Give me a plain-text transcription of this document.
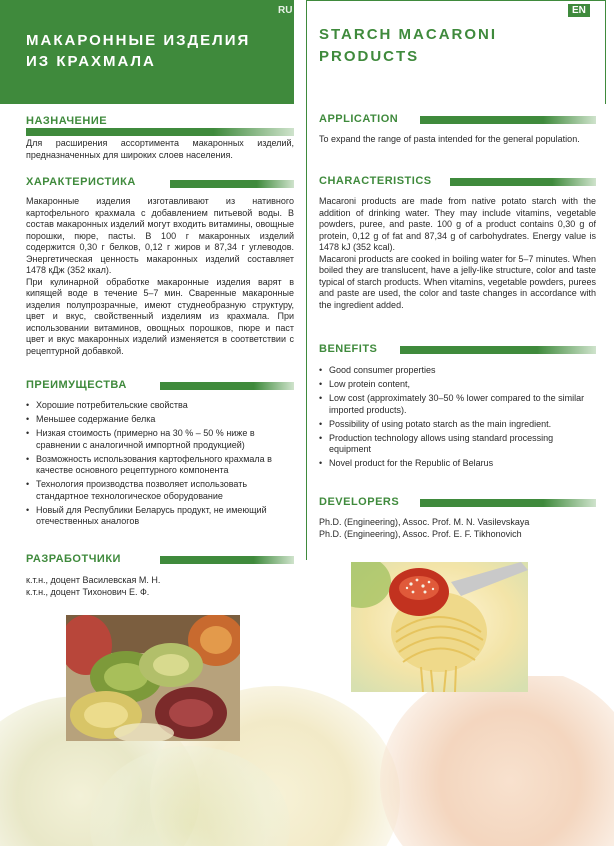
МАКАРОННЫЕ ИЗДЕЛИЯ
ИЗ КРАХМАЛА
RU
STARCH MACARONI
PRODUCTS
EN
НАЗНАЧЕНИЕ
Для расширения ассортимента макаронных изделий, предназначенных для широких слоев населения.
ХАРАКТЕРИСТИКА

Макаронные изделия изготавливают из нативного картофельного крахмала с добавлением питьевой воды. В состав макаронных изделий могут входить витамины, овощные порошки, пюре, пасты. В 100 г макаронных изделий содержится 0,30 г белков, 0,12 г жиров и 87,34 г углеводов. Энергетическая ценность макаронных изделий составляет 1478 кДж (352 ккал).

При кулинарной обработке макаронные изделия варят в кипящей воде в течение 5–7 мин. Сваренные макаронные изделия полупрозрачные, имеют студнеобразную структуру, цвет и вкус, свойственный изделиям из крахмала. При использовании витаминов, овощных порошков, пюре и паст цвет и вкус макаронных изделий изменяется в соответствии с рецептурной добавкой.

ПРЕИМУЩЕСТВА
• Хорошие потребительские свойства
• Меньшее содержание белка
• Низкая стоимость (примерно на 30 % – 50 % ниже в сравнении с аналогичной импортной продукцией)
• Возможность использования картофельного крахмала в качестве основного рецептурного компонента
• Технология производства позволяет использовать стандартное технологическое оборудование
• Новый для Республики Беларусь продукт, не имеющий отечественных аналогов
РАЗРАБОТЧИКИ

к.т.н., доцент Василевская М. Н.

к.т.н., доцент Тихонович Е. Ф.

APPLICATION
To expand the range of pasta intended for the general population.
CHARACTERISTICS

Macaroni products are made from native potato starch with the addition of drinking water. They may include vitamins, vegetable powders, puree, and paste. 100 g of a product contains 0,30 g of protein, 0,12 g of fat and 87,34 g of carbohydrates. Energy value is 1478 kJ (352 kcal).

Macaroni products are cooked in boiling water for 5–7 minutes. When boiled they are translucent, have a jelly-like structure, color and taste typical of starch products. When vitamins, vegetable powders, purees and paste are used, the color and taste changes in accordance with the ingredient added.

BENEFITS
• Good consumer properties
• Low protein content,
• Low cost (approximately 30–50 % lower compared to the similar imported products).
• Possibility of using potato starch as the main ingredient.
• Production technology allows using standard processing equipment
• Novel product for the Republic of Belarus
DEVELOPERS

Ph.D. (Engineering), Assoc. Prof. M. N. Vasilevskaya

Ph.D. (Engineering), Assoc. Prof. E. F. Tikhonovich
